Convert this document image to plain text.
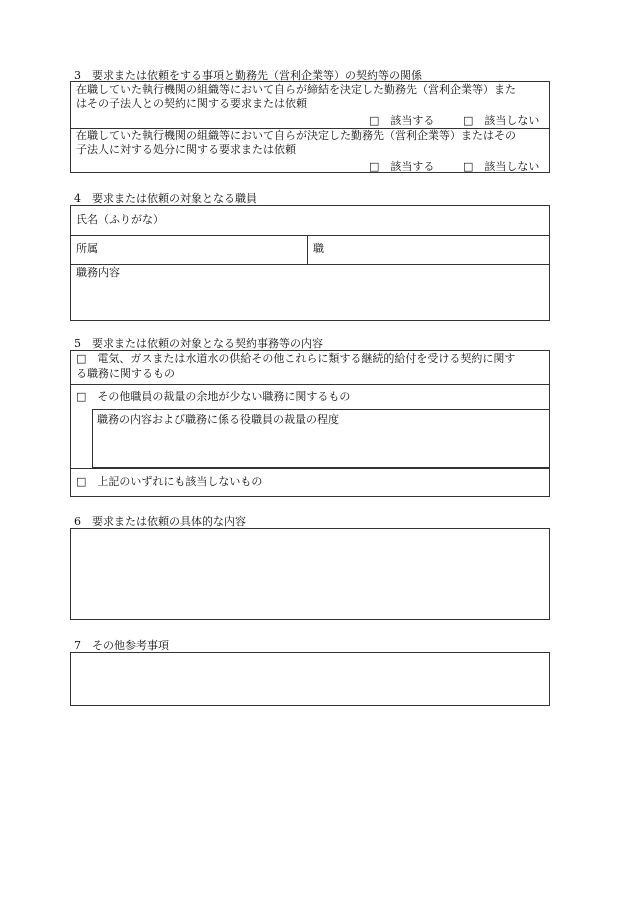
3　要求または依頼をする事項と勤務先（営利企業等）の契約等の関係
在職していた執行機関の組織等において自らが締結を決定した勤務先（営利企業等）また
はその子法人との契約に関する要求または依頼
□　該当する	□　該当しない
在職していた執行機関の組織等において自らが決定した勤務先（営利企業等）またはその
子法人に対する処分に関する要求または依頼
□　該当する	□　該当しない
4　要求または依頼の対象となる職員
氏名（ふりがな）
所属	職
職務内容
5　要求または依頼の対象となる契約事務等の内容
□　電気、ガスまたは水道水の供給その他これらに類する継続的給付を受ける契約に関す
る職務に関するもの
□　その他職員の裁量の余地が少ない職務に関するもの
職務の内容および職務に係る役職員の裁量の程度
□　上記のいずれにも該当しないもの
6　要求または依頼の具体的な内容
7　その他参考事項
